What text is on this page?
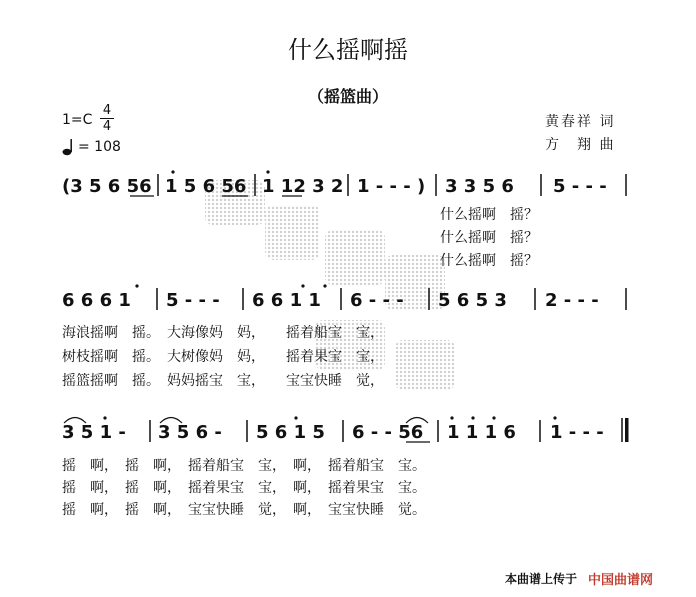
什么摇啊摇
（摇篮曲）
$1=C \frac{4}{4}$
= 108
黄春祥 词
方　翔 曲
(3 5 6 56 1 5 6 56 1 12 3 2 1 - - - ) 3 3 5 6 5 - - -
什么摇啊　摇？
什么摇啊　摇？
什么摇啊　摇？
6 6 6 1 5 - - - 6 6 1 1 6 - - - 5 6 5 3 2 - - -
海浪摇啊　摇。　大海像妈　妈，　　摇着船宝　宝，
树枝摇啊　摇。　大树像妈　妈，　　摇着果宝　宝，
摇篮摇啊　摇。　妈妈摇宝　宝，　　宝宝快睡　觉，
3 5 1 - 3 5 6 - 5 6 1 5 6 - - 56 1 1 1 6 1 - - -
摇　啊，　摇　啊，　摇着船宝　宝，　啊，　摇着船宝　宝。
摇　啊，　摇　啊，　摇着果宝　宝，　啊，　摇着果宝　宝。
摇　啊，　摇　啊，　宝宝快睡　觉，　啊，　宝宝快睡　觉。
本曲谱上传于 中国曲谱网
